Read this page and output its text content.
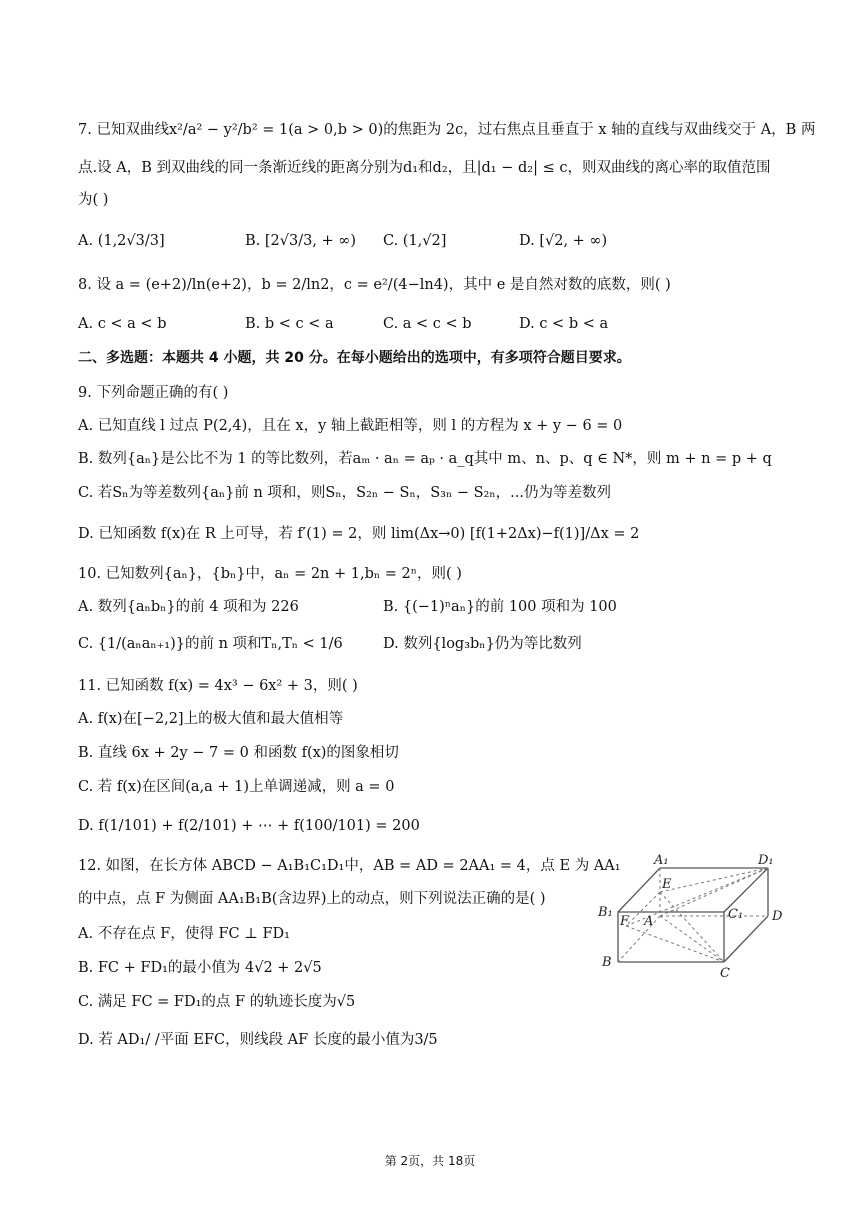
7. 已知双曲线x²/a² − y²/b² = 1(a > 0,b > 0)的焦距为 2c，过右焦点且垂直于 x 轴的直线与双曲线交于 A，B 两
点.设 A，B 到双曲线的同一条渐近线的距离分别为d₁和d₂，且|d₁ − d₂| ≤ c，则双曲线的离心率的取值范围
为( )
A. (1,2√3/3]	B. [2√3/3, + ∞) C. (1,√2]	D. [√2, + ∞)
8. 设 a = (e+2)/ln(e+2)，b = 2/ln2，c = e²/(4−ln4)，其中 e 是自然对数的底数，则( )
A. c < a < b	B. b < c < a	C. a < c < b	D. c < b < a
二、多选题：本题共 4 小题，共 20 分。在每小题给出的选项中，有多项符合题目要求。
9. 下列命题正确的有( )
A. 已知直线 l 过点 P(2,4)，且在 x，y 轴上截距相等，则 l 的方程为 x + y − 6 = 0
B. 数列{aₙ}是公比不为 1 的等比数列，若aₘ · aₙ = aₚ · a_q其中 m、n、p、q ∈ N*，则 m + n = p + q
C. 若Sₙ为等差数列{aₙ}前 n 项和，则Sₙ，S₂ₙ − Sₙ，S₃ₙ − S₂ₙ，...仍为等差数列
D. 已知函数 f(x)在 R 上可导，若 f′(1) = 2，则 lim(Δx→0) [f(1+2Δx)−f(1)]/Δx = 2
10. 已知数列{aₙ}，{bₙ}中，aₙ = 2n + 1,bₙ = 2ⁿ，则( )
A. 数列{aₙbₙ}的前 4 项和为 226	B. {(−1)ⁿaₙ}的前 100 项和为 100
C. {1/(aₙaₙ₊₁)}的前 n 项和Tₙ,Tₙ < 1/6	D. 数列{log₃bₙ}仍为等比数列
11. 已知函数 f(x) = 4x³ − 6x² + 3，则( )
A. f(x)在[−2,2]上的极大值和最大值相等
B. 直线 6x + 2y − 7 = 0 和函数 f(x)的图象相切
C. 若 f(x)在区间(a,a + 1)上单调递减，则 a = 0
D. f(1/101) + f(2/101) + ⋯ + f(100/101) = 200
12. 如图，在长方体 ABCD − A₁B₁C₁D₁中，AB = AD = 2AA₁ = 4，点 E 为 AA₁
的中点，点 F 为侧面 AA₁B₁B(含边界)上的动点，则下列说法正确的是( )
A. 不存在点 F，使得 FC ⊥ FD₁
B. FC + FD₁的最小值为 4√2 + 2√5
C. 满足 FC = FD₁的点 F 的轨迹长度为√5
D. 若 AD₁/ /平面 EFC，则线段 AF 长度的最小值为3/5
A₁	D₁
E
B₁
F A	C₁ D
B
C
第 2页，共 18页
